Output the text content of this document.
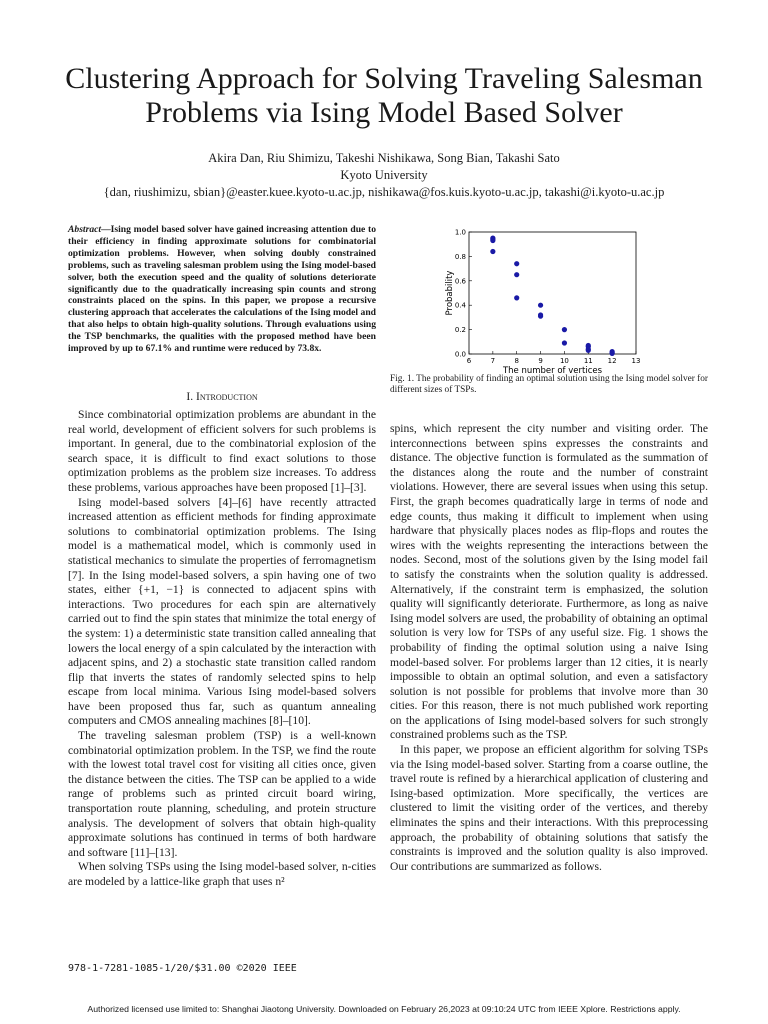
Clustering Approach for Solving Traveling Salesman Problems via Ising Model Based Solver
Akira Dan, Riu Shimizu, Takeshi Nishikawa, Song Bian, Takashi Sato
Kyoto University
{dan, riushimizu, sbian}@easter.kuee.kyoto-u.ac.jp, nishikawa@fos.kuis.kyoto-u.ac.jp, takashi@i.kyoto-u.ac.jp
Abstract—Ising model based solver have gained increasing attention due to their efficiency in finding approximate solutions for combinatorial optimization problems. However, when solving doubly constrained problems, such as traveling salesman problem using the Ising model-based solver, both the execution speed and the quality of solutions deteriorate significantly due to the quadratically increasing spin counts and strong constraints placed on the spins. In this paper, we propose a recursive clustering approach that accelerates the calculations of the Ising model and that also helps to obtain high-quality solutions. Through evaluations using the TSP benchmarks, the qualities with the proposed method have been improved by up to 67.1% and runtime were reduced by 73.8x.
I. Introduction

Since combinatorial optimization problems are abundant in the real world, development of efficient solvers for such problems is important. In general, due to the combinatorial explosion of the search space, it is difficult to find exact solutions to those optimization problems as the problem size increases. To address these problems, various approaches have been proposed [1]–[3].

Ising model-based solvers [4]–[6] have recently attracted increased attention as efficient methods for finding approximate solutions to combinatorial optimization problems. The Ising model is a mathematical model, which is commonly used in statistical mechanics to simulate the properties of ferromagnetism [7]. In the Ising model-based solvers, a spin having one of two states, either {+1, −1} is connected to adjacent spins with interactions. Two procedures for each spin are alternatively carried out to find the spin states that minimize the total energy of the system: 1) a deterministic state transition called annealing that lowers the local energy of a spin calculated by the interaction with adjacent spins, and 2) a stochastic state transition called random flip that inverts the states of randomly selected spins to help escape from local minima. Various Ising model-based solvers have been proposed thus far, such as quantum annealing computers and CMOS annealing machines [8]–[10].

The traveling salesman problem (TSP) is a well-known combinatorial optimization problem. In the TSP, we find the route with the lowest total travel cost for visiting all cities once, given the distance between the cities. The TSP can be applied to a wide range of problems such as printed circuit board wiring, transportation route planning, scheduling, and protein structure analysis. The development of solvers that obtain high-quality approximate solutions has continued in terms of both hardware and software [11]–[13].

When solving TSPs using the Ising model-based solver, n-cities are modeled by a lattice-like graph that uses n²

6	7	8	9 10 11 12 13
0.0
0.2
0.4
0.6
0.8
1.0
The number of vertices
Probability
Fig. 1. The probability of finding an optimal solution using the Ising model solver for different sizes of TSPs.

spins, which represent the city number and visiting order. The interconnections between spins expresses the constraints and distance. The objective function is formulated as the summation of the distances along the route and the number of constraint violations. However, there are several issues when using this setup. First, the graph becomes quadratically large in terms of node and edge counts, thus making it difficult to implement when using hardware that physically places nodes as flip-flops and routes the wires with the weights representing the interactions between the nodes. Second, most of the solutions given by the Ising model fail to satisfy the constraints when the solution quality is addressed. Alternatively, if the constraint term is emphasized, the solution quality will significantly deteriorate. Furthermore, as long as naive Ising model solvers are used, the probability of obtaining an optimal solution is very low for TSPs of any useful size. Fig. 1 shows the probability of finding the optimal solution using a naive Ising model-based solver. For problems larger than 12 cities, it is nearly impossible to obtain an optimal solution, and even a satisfactory solution is not possible for problems that involve more than 30 cities. For this reason, there is not much published work reporting on the applications of Ising model-based solvers for such strongly constrained problems such as the TSP.

In this paper, we propose an efficient algorithm for solving TSPs via the Ising model-based solver. Starting from a coarse outline, the travel route is refined by a hierarchical application of clustering and Ising-based optimization. More specifically, the vertices are clustered to limit the visiting order of the vertices, and thereby eliminates the spins and their interactions. With this preprocessing approach, the probability of obtaining solutions that satisfy the constraints is improved and the solution quality is also improved. Our contributions are summarized as follows.

978-1-7281-1085-1/20/$31.00 ©2020 IEEE
Authorized licensed use limited to: Shanghai Jiaotong University. Downloaded on February 26,2023 at 09:10:24 UTC from IEEE Xplore. Restrictions apply.
